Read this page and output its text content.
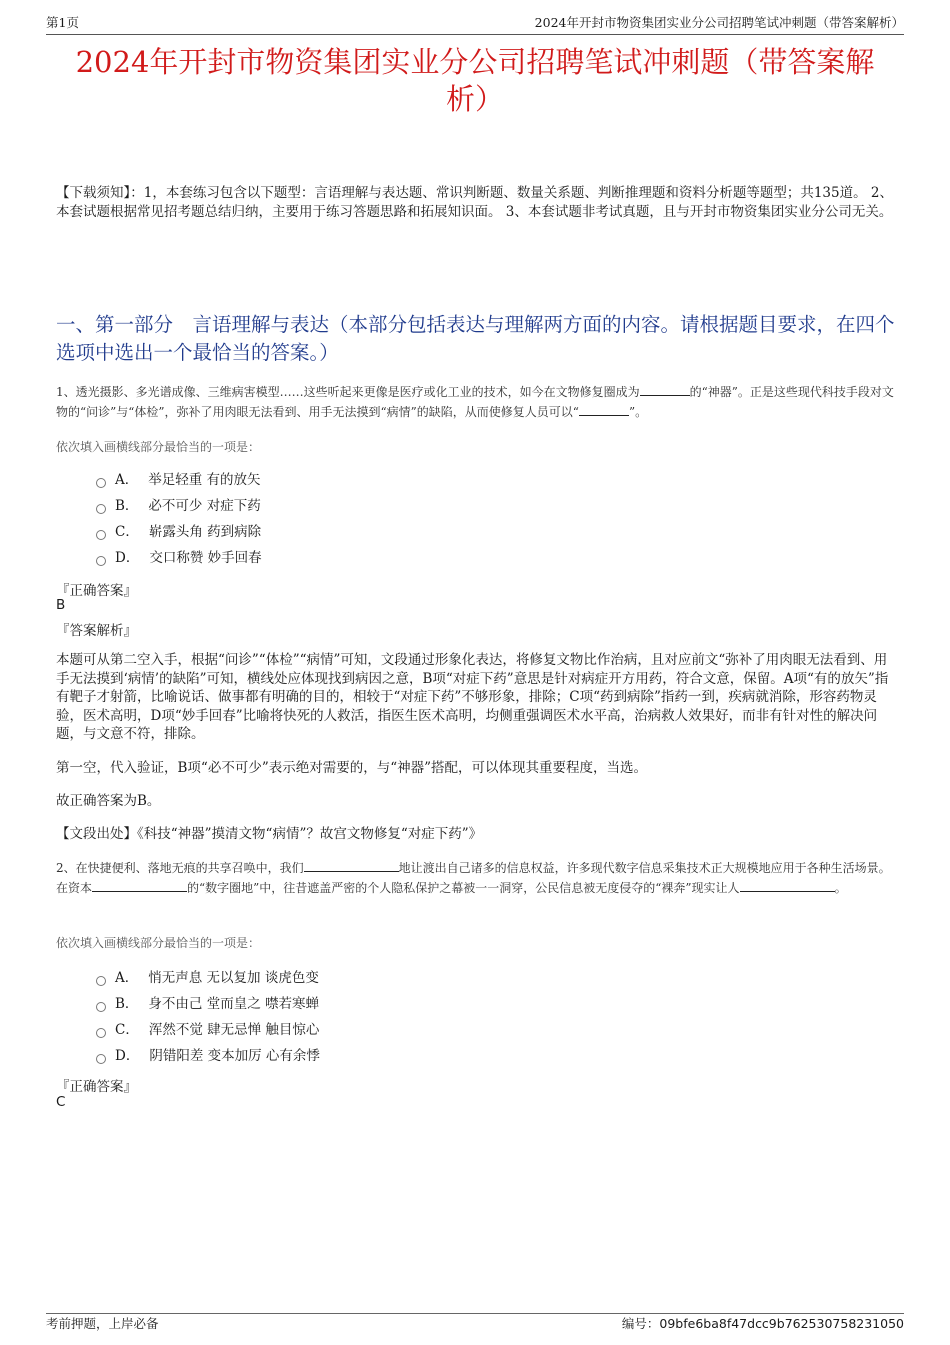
第1页	2024年开封市物资集团实业分公司招聘笔试冲刺题（带答案解析）
2024年开封市物资集团实业分公司招聘笔试冲刺题（带答案解
析）
【下载须知】：1，本套练习包含以下题型：言语理解与表达题、常识判断题、数量关系题、判断推理题和资料分析题等题型；共135道。 2、本套试题根据常见招考题总结归纳，主要用于练习答题思路和拓展知识面。 3、本套试题非考试真题，且与开封市物资集团实业分公司无关。
一、第一部分　言语理解与表达（本部分包括表达与理解两方面的内容。请根据题目要求，在四个选项中选出一个最恰当的答案。）
1、透光摄影、多光谱成像、三维病害模型……这些听起来更像是医疗或化工业的技术，如今在文物修复圈成为	的“神器”。正是这些现代科技手段对文物的“问诊”与“体检”，弥补了用肉眼无法看到、用手无法摸到“病情”的缺陷，从而使修复人员可以“	”。
依次填入画横线部分最恰当的一项是：
A． 举足轻重 有的放矢
B． 必不可少 对症下药
C． 崭露头角 药到病除
D． 交口称赞 妙手回春
『正确答案』
B
『答案解析』
本题可从第二空入手，根据“问诊”“体检”“病情”可知，文段通过形象化表达，将修复文物比作治病，且对应前文“弥补了用肉眼无法看到、用手无法摸到‘病情’的缺陷”可知，横线处应体现找到病因之意，B项“对症下药”意思是针对病症开方用药，符合文意，保留。A项“有的放矢”指有靶子才射箭，比喻说话、做事都有明确的目的，相较于“对症下药”不够形象，排除；C项“药到病除”指药一到，疾病就消除，形容药物灵验，医术高明，D项“妙手回春”比喻将快死的人救活，指医生医术高明，均侧重强调医术水平高，治病救人效果好，而非有针对性的解决问题，与文意不符，排除。
第一空，代入验证，B项“必不可少”表示绝对需要的，与“神器”搭配，可以体现其重要程度，当选。
故正确答案为B。
【文段出处】《科技“神器”摸清文物“病情”？故宫文物修复“对症下药”》
2、在快捷便利、落地无痕的共享召唤中，我们	地让渡出自己诸多的信息权益，许多现代数字信息采集技术正大规模地应用于各种生活场景。在资本	的“数字圈地”中，往昔遮盖严密的个人隐私保护之幕被一一洞穿，公民信息被无度侵夺的“裸奔”现实让人	。
依次填入画横线部分最恰当的一项是：
A． 悄无声息 无以复加 谈虎色变
B． 身不由己 堂而皇之 噤若寒蝉
C． 浑然不觉 肆无忌惮 触目惊心
D． 阴错阳差 变本加厉 心有余悸
『正确答案』
C
考前押题，上岸必备	编号：09bfe6ba8f47dcc9b762530758231050
